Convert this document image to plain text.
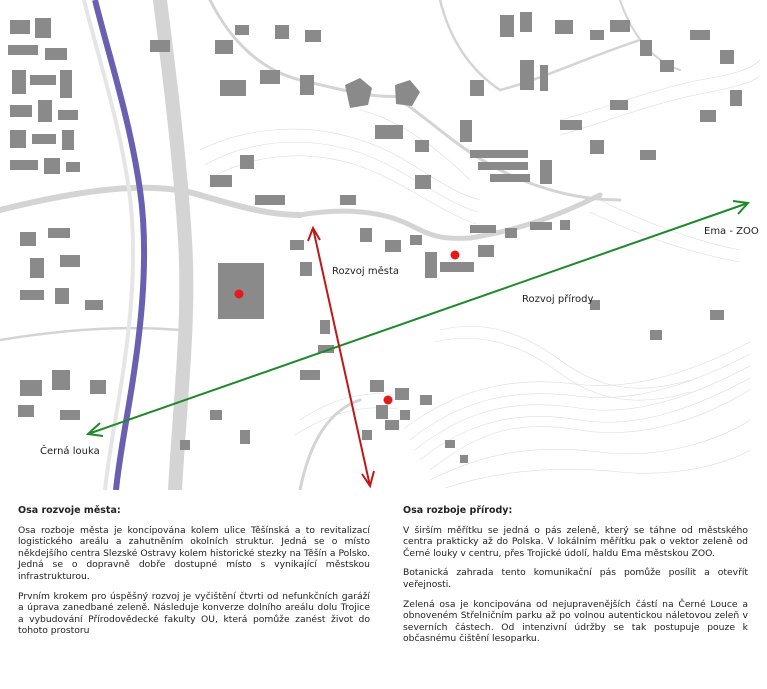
Rozvoj města
Rozvoj přírody
Ema - ZOO
Černá louka
Osa rozvoje města:

Osa rozboje města je koncipována kolem ulice Těšínská a to revitalizací logistického areálu a zahutněním okolních struktur. Jedná se o místo někdejšího centra Slezské Ostravy kolem historické stezky na Těšín a Polsko. Jedná se o dopravně dobře dostupné místo s vynikající městskou infrastrukturou.

Prvním krokem pro úspěšný rozvoj je vyčištění čtvrti od nefunkčních garáží a úprava zanedbané zeleně. Následuje konverze dolního areálu dolu Trojice a vybudování Přírodovědecké fakulty OU, která pomůže zanést život do tohoto prostoru

Osa rozboje přírody:

V širším měřítku se jedná o pás zeleně, který se táhne od městského centra prakticky až do Polska. V lokálním měřítku pak o vektor zeleně od Černé louky v centru, přes Trojické údolí, haldu Ema městskou ZOO.

Botanická zahrada tento komunikační pás pomůže posílit a otevřít veřejnosti.

Zelená osa je koncipována od nejupravenějších částí na Černé Louce a obnoveném Střelničním parku až po volnou autentickou náletovou zeleň v severních částech. Od intenzivní údržby se tak postupuje pouze k občasnému čištění lesoparku.
